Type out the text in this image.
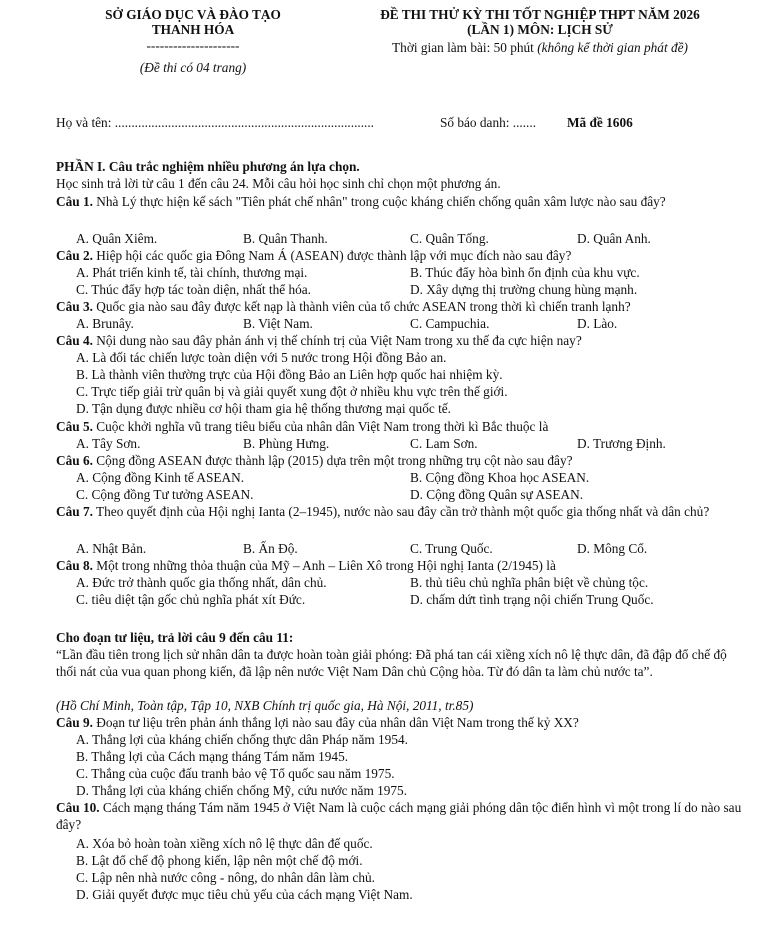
SỞ GIÁO DỤC VÀ ĐÀO TẠO
THANH HÓA
---------------------
(Đề thi có 04 trang)
ĐỀ THI THỬ KỲ THI TỐT NGHIỆP THPT NĂM 2026
(LẦN 1) MÔN: LỊCH SỬ
Thời gian làm bài: 50 phút (không kể thời gian phát đề)
Họ và tên: ..............................................................................	Số báo danh: ....... Mã đề 1606
PHẦN I. Câu trắc nghiệm nhiều phương án lựa chọn.
Học sinh trả lời từ câu 1 đến câu 24. Mỗi câu hỏi học sinh chỉ chọn một phương án.
Câu 1. Nhà Lý thực hiện kế sách "Tiên phát chế nhân" trong cuộc kháng chiến chống quân xâm lược nào sau đây?
A. Quân Xiêm.	B. Quân Thanh.	C. Quân Tống.	D. Quân Anh.
Câu 2. Hiệp hội các quốc gia Đông Nam Á (ASEAN) được thành lập với mục đích nào sau đây?
A. Phát triển kinh tế, tài chính, thương mại.	B. Thúc đẩy hòa bình ổn định của khu vực.
C. Thúc đẩy hợp tác toàn diện, nhất thể hóa.	D. Xây dựng thị trường chung hùng mạnh.
Câu 3. Quốc gia nào sau đây được kết nạp là thành viên của tổ chức ASEAN trong thời kì chiến tranh lạnh?
A. Brunây.	B. Việt Nam.	C. Campuchia.	D. Lào.
Câu 4. Nội dung nào sau đây phản ánh vị thế chính trị của Việt Nam trong xu thế đa cực hiện nay?
A. Là đối tác chiến lược toàn diện với 5 nước trong Hội đồng Bảo an.
B. Là thành viên thường trực của Hội đồng Bảo an Liên hợp quốc hai nhiệm kỳ.
C. Trực tiếp giải trừ quân bị và giải quyết xung đột ở nhiều khu vực trên thế giới.
D. Tận dụng được nhiều cơ hội tham gia hệ thống thương mại quốc tế.
Câu 5. Cuộc khởi nghĩa vũ trang tiêu biểu của nhân dân Việt Nam trong thời kì Bắc thuộc là
A. Tây Sơn.	B. Phùng Hưng.	C. Lam Sơn.	D. Trương Định.
Câu 6. Cộng đồng ASEAN được thành lập (2015) dựa trên một trong những trụ cột nào sau đây?
A. Cộng đồng Kinh tế ASEAN.	B. Cộng đồng Khoa học ASEAN.
C. Cộng đồng Tư tưởng ASEAN.	D. Cộng đồng Quân sự ASEAN.
Câu 7. Theo quyết định của Hội nghị Ianta (2–1945), nước nào sau đây cần trở thành một quốc gia thống nhất và dân chủ?
A. Nhật Bản.	B. Ấn Độ.	C. Trung Quốc.	D. Mông Cổ.
Câu 8. Một trong những thỏa thuận của Mỹ – Anh – Liên Xô trong Hội nghị Ianta (2/1945) là
A. Đức trở thành quốc gia thống nhất, dân chủ.	B. thủ tiêu chủ nghĩa phân biệt về chủng tộc.
C. tiêu diệt tận gốc chủ nghĩa phát xít Đức.	D. chấm dứt tình trạng nội chiến Trung Quốc.
Cho đoạn tư liệu, trả lời câu 9 đến câu 11:
“Lần đầu tiên trong lịch sử nhân dân ta được hoàn toàn giải phóng: Đã phá tan cái xiềng xích nô lệ thực dân, đã đập đổ chế độ thối nát của vua quan phong kiến, đã lập nên nước Việt Nam Dân chủ Cộng hòa. Từ đó dân ta làm chủ nước ta”.
(Hồ Chí Minh, Toàn tập, Tập 10, NXB Chính trị quốc gia, Hà Nội, 2011, tr.85)
Câu 9. Đoạn tư liệu trên phản ánh thắng lợi nào sau đây của nhân dân Việt Nam trong thế kỷ XX?
A. Thắng lợi của kháng chiến chống thực dân Pháp năm 1954.
B. Thắng lợi của Cách mạng tháng Tám năm 1945.
C. Thắng của cuộc đấu tranh bảo vệ Tổ quốc sau năm 1975.
D. Thắng lợi của kháng chiến chống Mỹ, cứu nước năm 1975.
Câu 10. Cách mạng tháng Tám năm 1945 ở Việt Nam là cuộc cách mạng giải phóng dân tộc điển hình vì một trong lí do nào sau đây?
A. Xóa bỏ hoàn toàn xiềng xích nô lệ thực dân đế quốc.
B. Lật đổ chế độ phong kiến, lập nên một chế độ mới.
C. Lập nên nhà nước công - nông, do nhân dân làm chủ.
D. Giải quyết được mục tiêu chủ yếu của cách mạng Việt Nam.
